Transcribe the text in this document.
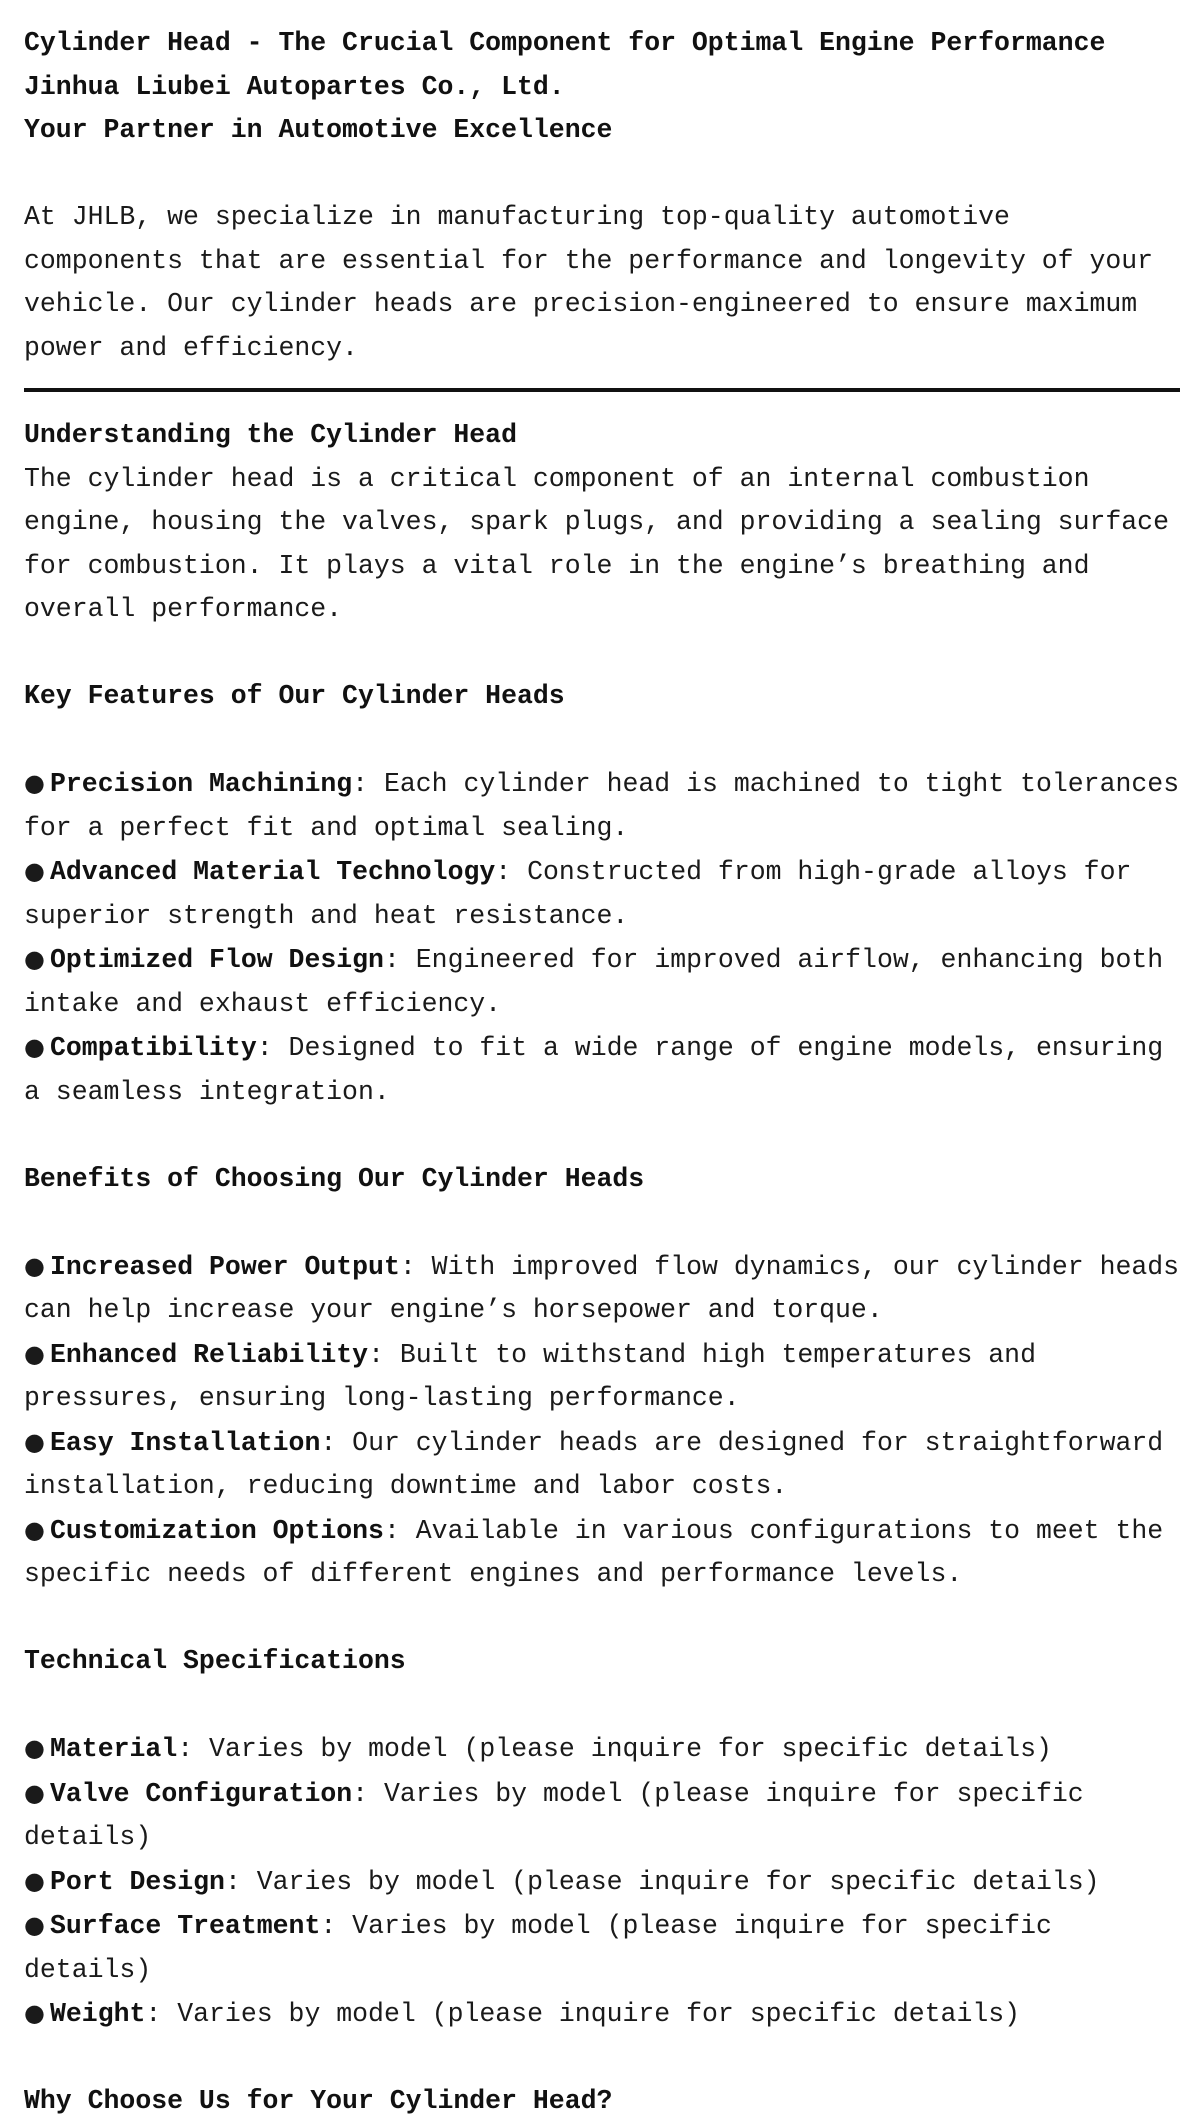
Cylinder Head - The Crucial Component for Optimal Engine Performance

Jinhua Liubei Autopartes Co., Ltd.

Your Partner in Automotive Excellence

At JHLB, we specialize in manufacturing top-quality automotive components that are essential for the performance and longevity of your vehicle. Our cylinder heads are precision-engineered to ensure maximum power and efficiency.

Understanding the Cylinder Head

The cylinder head is a critical component of an internal combustion engine, housing the valves, spark plugs, and providing a sealing surface for combustion. It plays a vital role in the engine’s breathing and overall performance.

Key Features of Our Cylinder Heads

● Precision Machining: Each cylinder head is machined to tight tolerances for a perfect fit and optimal sealing.

● Advanced Material Technology: Constructed from high-grade alloys for superior strength and heat resistance.

● Optimized Flow Design: Engineered for improved airflow, enhancing both intake and exhaust efficiency.

● Compatibility: Designed to fit a wide range of engine models, ensuring a seamless integration.

Benefits of Choosing Our Cylinder Heads

● Increased Power Output: With improved flow dynamics, our cylinder heads can help increase your engine’s horsepower and torque.

● Enhanced Reliability: Built to withstand high temperatures and pressures, ensuring long-lasting performance.

● Easy Installation: Our cylinder heads are designed for straightforward installation, reducing downtime and labor costs.

● Customization Options: Available in various configurations to meet the specific needs of different engines and performance levels.

Technical Specifications

● Material: Varies by model (please inquire for specific details)

● Valve Configuration: Varies by model (please inquire for specific details)

● Port Design: Varies by model (please inquire for specific details)

● Surface Treatment: Varies by model (please inquire for specific details)

● Weight: Varies by model (please inquire for specific details)

Why Choose Us for Your Cylinder Head?
